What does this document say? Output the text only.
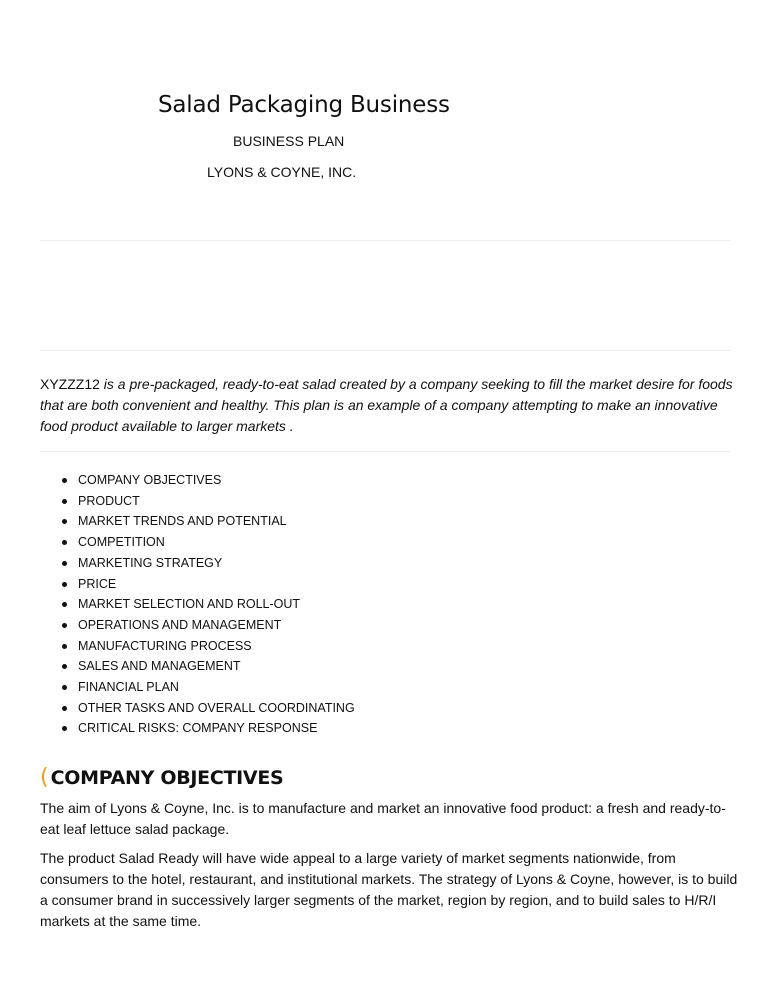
Salad Packaging Business
BUSINESS PLAN
LYONS & COYNE, INC.
XYZZZ12 is a pre-packaged, ready-to-eat salad created by a company seeking to fill the market desire for foods that are both convenient and healthy. This plan is an example of a company attempting to make an innovative food product available to larger markets .
COMPANY OBJECTIVES
PRODUCT
MARKET TRENDS AND POTENTIAL
COMPETITION
MARKETING STRATEGY
PRICE
MARKET SELECTION AND ROLL-OUT
OPERATIONS AND MANAGEMENT
MANUFACTURING PROCESS
SALES AND MANAGEMENT
FINANCIAL PLAN
OTHER TASKS AND OVERALL COORDINATING
CRITICAL RISKS: COMPANY RESPONSE
( COMPANY OBJECTIVES
The aim of Lyons & Coyne, Inc. is to manufacture and market an innovative food product: a fresh and ready-to-eat leaf lettuce salad package.
The product Salad Ready will have wide appeal to a large variety of market segments nationwide, from consumers to the hotel, restaurant, and institutional markets. The strategy of Lyons & Coyne, however, is to build a consumer brand in successively larger segments of the market, region by region, and to build sales to H/R/I markets at the same time.
